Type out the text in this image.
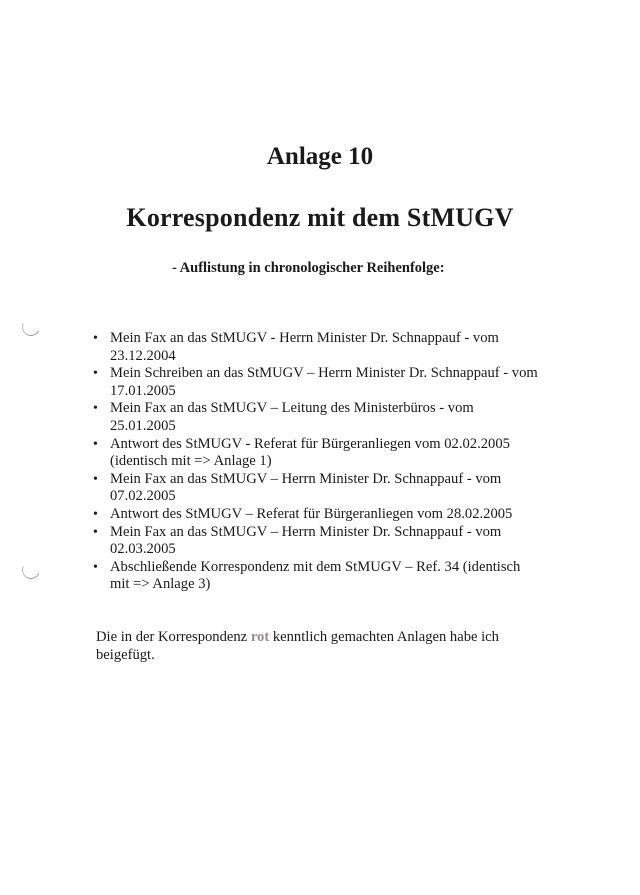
Anlage 10
Korrespondenz mit dem StMUGV
- Auflistung in chronologischer Reihenfolge:
• Mein Fax an das StMUGV - Herrn Minister Dr. Schnappauf - vom 23.12.2004
• Mein Schreiben an das StMUGV – Herrn Minister Dr. Schnappauf - vom 17.01.2005
• Mein Fax an das StMUGV – Leitung des Ministerbüros - vom 25.01.2005
• Antwort des StMUGV - Referat für Bürgeranliegen vom 02.02.2005 (identisch mit => Anlage 1)
• Mein Fax an das StMUGV – Herrn Minister Dr. Schnappauf - vom 07.02.2005
• Antwort des StMUGV – Referat für Bürgeranliegen vom 28.02.2005
• Mein Fax an das StMUGV – Herrn Minister Dr. Schnappauf - vom 02.03.2005
• Abschließende Korrespondenz mit dem StMUGV – Ref. 34 (identisch mit => Anlage 3)
Die in der Korrespondenz rot kenntlich gemachten Anlagen habe ich beigefügt.
